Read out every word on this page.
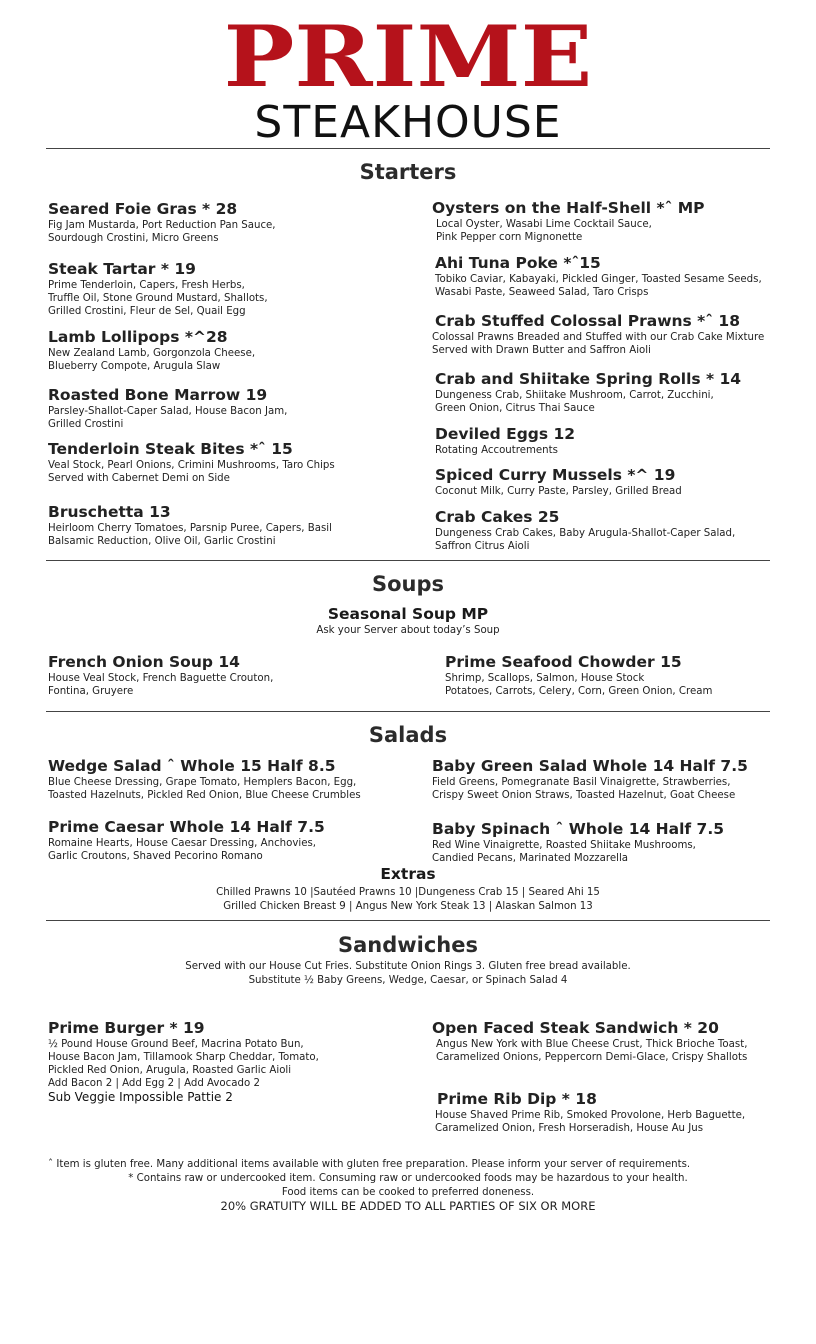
PRIME
STEAKHOUSE
Starters
Seared Foie Gras * 28
Fig Jam Mustarda, Port Reduction Pan Sauce,
Sourdough Crostini, Micro Greens
Steak Tartar * 19
Prime Tenderloin, Capers, Fresh Herbs,
Truffle Oil, Stone Ground Mustard, Shallots,
Grilled Crostini, Fleur de Sel, Quail Egg
Lamb Lollipops *^28
New Zealand Lamb, Gorgonzola Cheese,
Blueberry Compote, Arugula Slaw
Roasted Bone Marrow 19
Parsley-Shallot-Caper Salad, House Bacon Jam,
Grilled Crostini
Tenderloin Steak Bites *ˆ 15
Veal Stock, Pearl Onions, Crimini Mushrooms, Taro Chips
Served with Cabernet Demi on Side
Bruschetta 13
Heirloom Cherry Tomatoes, Parsnip Puree, Capers, Basil
Balsamic Reduction, Olive Oil, Garlic Crostini
Oysters on the Half-Shell *ˆ MP
Local Oyster, Wasabi Lime Cocktail Sauce,
Pink Pepper corn Mignonette
Ahi Tuna Poke *ˆ15
Tobiko Caviar, Kabayaki, Pickled Ginger, Toasted Sesame Seeds,
Wasabi Paste, Seaweed Salad, Taro Crisps
Crab Stuffed Colossal Prawns *ˆ 18
Colossal Prawns Breaded and Stuffed with our Crab Cake Mixture
Served with Drawn Butter and Saffron Aioli
Crab and Shiitake Spring Rolls * 14
Dungeness Crab, Shiitake Mushroom, Carrot, Zucchini,
Green Onion, Citrus Thai Sauce
Deviled Eggs 12
Rotating Accoutrements
Spiced Curry Mussels *^ 19
Coconut Milk, Curry Paste, Parsley, Grilled Bread
Crab Cakes 25
Dungeness Crab Cakes, Baby Arugula-Shallot-Caper Salad,
Saffron Citrus Aioli
Soups
Seasonal Soup MP
Ask your Server about today’s Soup
French Onion Soup 14
House Veal Stock, French Baguette Crouton,
Fontina, Gruyere
Prime Seafood Chowder 15
Shrimp, Scallops, Salmon, House Stock
Potatoes, Carrots, Celery, Corn, Green Onion, Cream
Salads
Wedge Salad ˆ Whole 15 Half 8.5
Blue Cheese Dressing, Grape Tomato, Hemplers Bacon, Egg,
Toasted Hazelnuts, Pickled Red Onion, Blue Cheese Crumbles
Prime Caesar Whole 14 Half 7.5
Romaine Hearts, House Caesar Dressing, Anchovies,
Garlic Croutons, Shaved Pecorino Romano
Baby Green Salad Whole 14 Half 7.5
Field Greens, Pomegranate Basil Vinaigrette, Strawberries,
Crispy Sweet Onion Straws, Toasted Hazelnut, Goat Cheese
Baby Spinach ˆ Whole 14 Half 7.5
Red Wine Vinaigrette, Roasted Shiitake Mushrooms,
Candied Pecans, Marinated Mozzarella
Extras
Chilled Prawns 10 |Sautéed Prawns 10 |Dungeness Crab 15 | Seared Ahi 15
Grilled Chicken Breast 9 | Angus New York Steak 13 | Alaskan Salmon 13
Sandwiches
Served with our House Cut Fries. Substitute Onion Rings 3. Gluten free bread available.
Substitute ½ Baby Greens, Wedge, Caesar, or Spinach Salad 4
Prime Burger * 19
½ Pound House Ground Beef, Macrina Potato Bun,
House Bacon Jam, Tillamook Sharp Cheddar, Tomato,
Pickled Red Onion, Arugula, Roasted Garlic Aioli
Add Bacon 2 | Add Egg 2 | Add Avocado 2
Sub Veggie Impossible Pattie 2
Open Faced Steak Sandwich * 20
Angus New York with Blue Cheese Crust, Thick Brioche Toast,
Caramelized Onions, Peppercorn Demi-Glace, Crispy Shallots
Prime Rib Dip * 18
House Shaved Prime Rib, Smoked Provolone, Herb Baguette,
Caramelized Onion, Fresh Horseradish, House Au Jus
ˆ Item is gluten free. Many additional items available with gluten free preparation. Please inform your server of requirements.
* Contains raw or undercooked item. Consuming raw or undercooked foods may be hazardous to your health.
Food items can be cooked to preferred doneness.
20% GRATUITY WILL BE ADDED TO ALL PARTIES OF SIX OR MORE
